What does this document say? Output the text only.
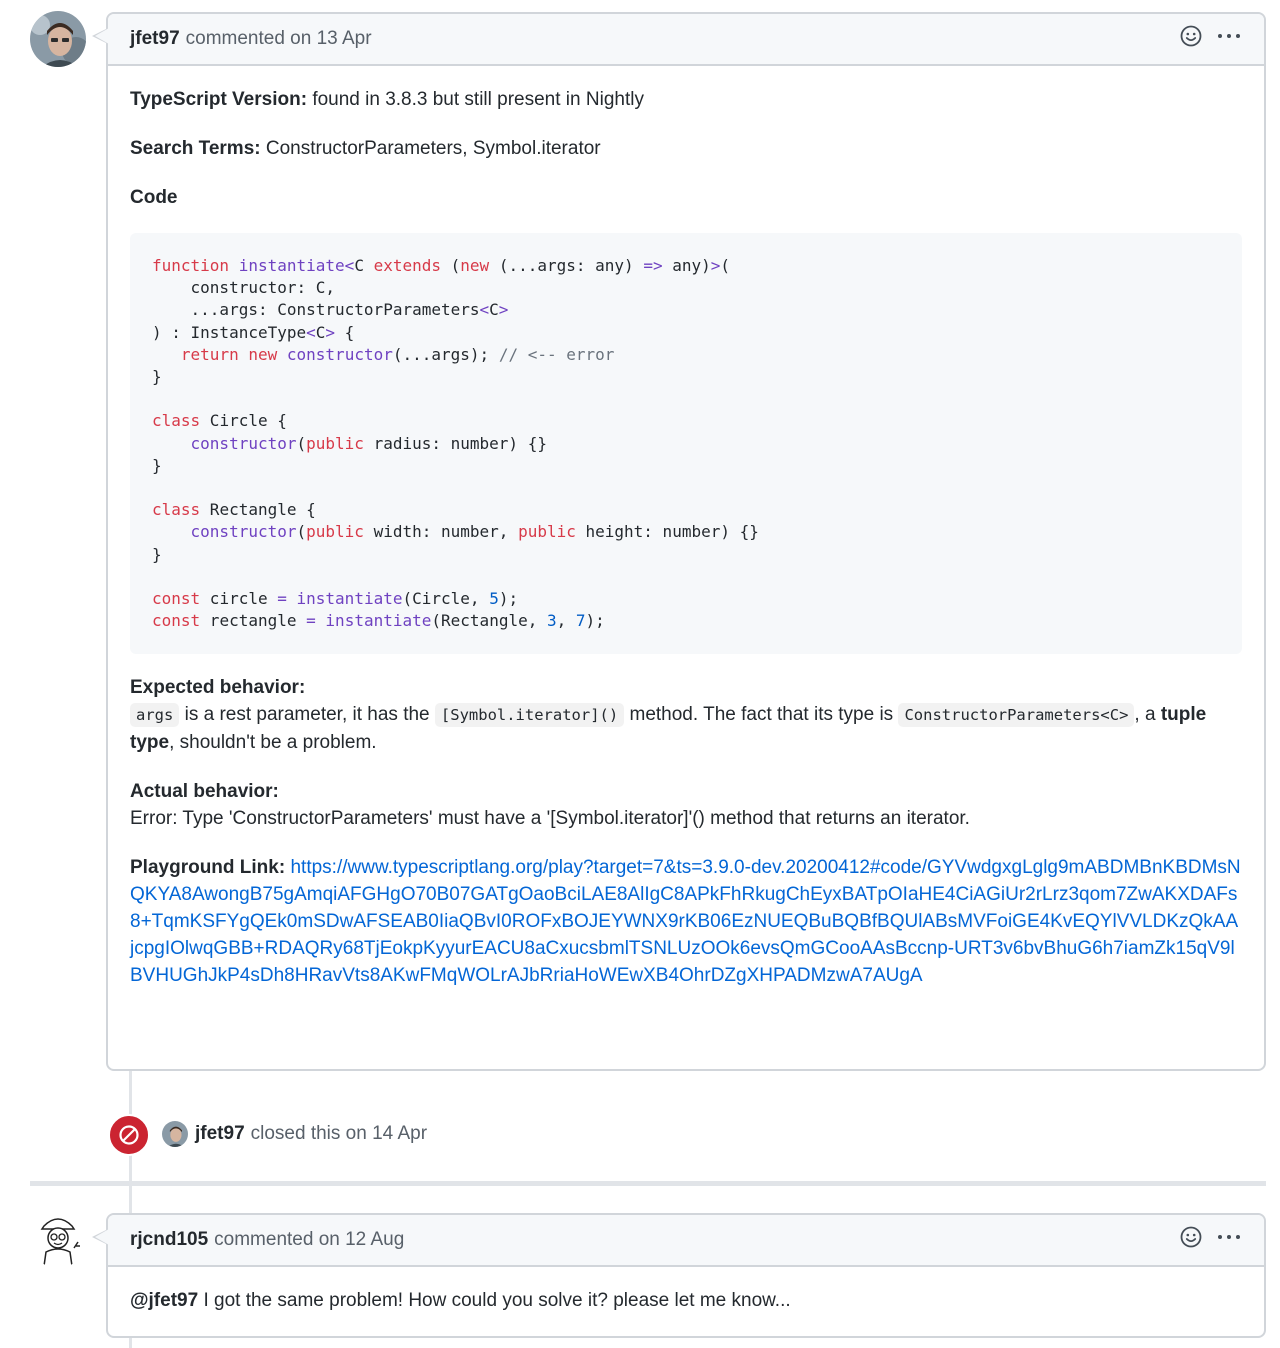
jfet97 commented on 13 Apr

TypeScript Version: found in 3.8.3 but still present in Nightly

Search Terms: ConstructorParameters, Symbol.iterator

Code

function instantiate<C extends (new (...args: any) => any)>(
constructor: C,
...args: ConstructorParameters<C>
) : InstanceType<C> {
return new constructor(...args); // <-- error
}

class Circle {
constructor(public radius: number) {}
}

class Rectangle {
constructor(public width: number, public height: number) {}
}

const circle = instantiate(Circle, 5);
const rectangle = instantiate(Rectangle, 3, 7);

Expected behavior:
args is a rest parameter, it has the [Symbol.iterator]() method. The fact that its type is ConstructorParameters<C> , a tuple type, shouldn't be a problem.

Actual behavior:
Error: Type 'ConstructorParameters' must have a '[Symbol.iterator]'() method that returns an iterator.

Playground Link: https://www.typescriptlang.org/play?target=7&ts=3.9.0-dev.20200412#code/GYVwdgxgLglg9mABDMBnKBDMsNQKYA8AwongB75gAmqiAFGHgO70B07GATgOaoBciLAE8AlIgC8APkFhRkugChEyxBATpOIaHE4CiAGiUr2rLrz3qom7ZwAKXDAFs8+TqmKSFYgQEk0mSDwAFSEAB0IiaQBvI0ROFxBOJEYWNX9rKB06EzNUEQBuBQBfBQUlABsMVFoiGE4KvEQYlVVLDKzQkAAjcpgIOlwqGBB+RDAQRy68TjEokpKyyurEACU8aCxucsbmlTSNLUzOOk6evsQmGCooAAsBccnp-URT3v6bvBhuG6h7iamZk15qV9lBVHUGhJkP4sDh8HRavVts8AKwFMqWOLrAJbRriaHoWEwXB4OhrDZgXHPADMzwA7AUgA

jfet97 closed this on 14 Apr
rjcnd105 commented on 12 Aug

@jfet97 I got the same problem! How could you solve it? please let me know...
